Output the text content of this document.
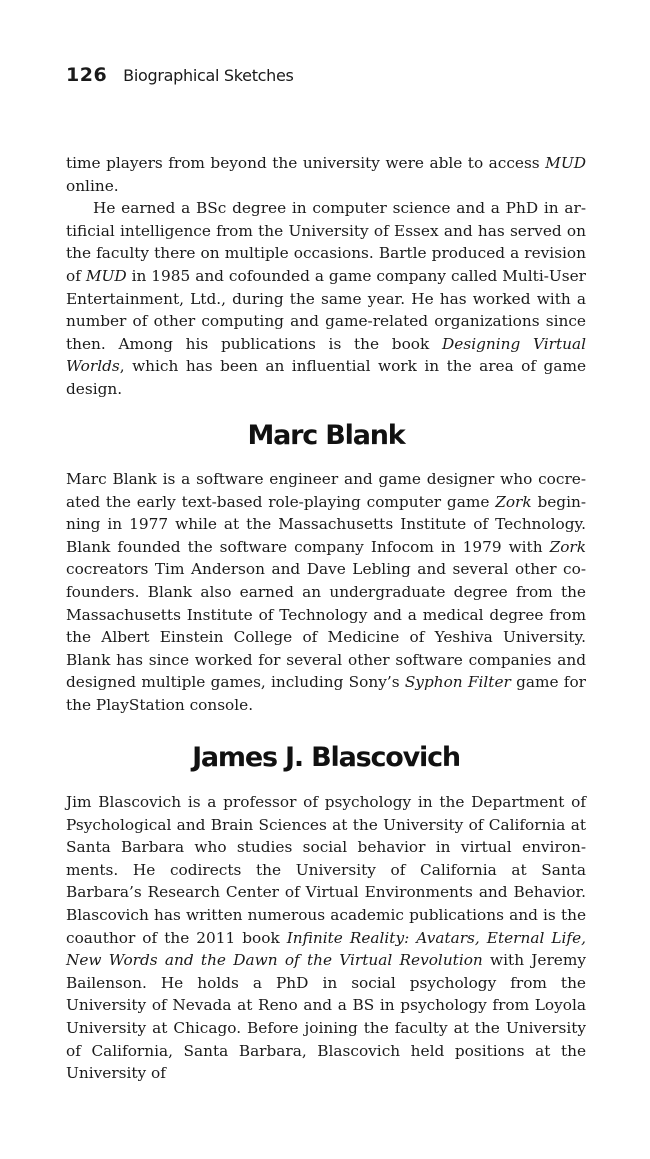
126 Biographical Sketches

time players from beyond the university were able to access MUD online.

He earned a BSc degree in computer science and a PhD in artificial intelligence from the University of Essex and has served on the faculty there on multiple occasions. Bartle produced a revision of MUD in 1985 and cofounded a game company called Multi-User Entertainment, Ltd., during the same year. He has worked with a number of other computing and game-related organizations since then. Among his publications is the book Designing Virtual Worlds, which has been an influential work in the area of game design.

Marc Blank

Marc Blank is a software engineer and game designer who cocreated the early text-based role-playing computer game Zork beginning in 1977 while at the Massachusetts Institute of Technology. Blank founded the software company Infocom in 1979 with Zork cocreators Tim Anderson and Dave Lebling and several other cofounders. Blank also earned an undergraduate degree from the Massachusetts Institute of Technology and a medical degree from the Albert Einstein College of Medicine of Yeshiva University. Blank has since worked for several other software companies and designed multiple games, including Sony’s Syphon Filter game for the PlayStation console.

James J. Blascovich

Jim Blascovich is a professor of psychology in the Department of Psychological and Brain Sciences at the University of California at Santa Barbara who studies social behavior in virtual environments. He codirects the University of California at Santa Barbara’s Research Center of Virtual Environments and Behavior. Blascovich has written numerous academic publications and is the coauthor of the 2011 book Infinite Reality: Avatars, Eternal Life, New Words and the Dawn of the Virtual Revolution with Jeremy Bailenson. He holds a PhD in social psychology from the University of Nevada at Reno and a BS in psychology from Loyola University at Chicago. Before joining the faculty at the University of California, Santa Barbara, Blascovich held positions at the University of
